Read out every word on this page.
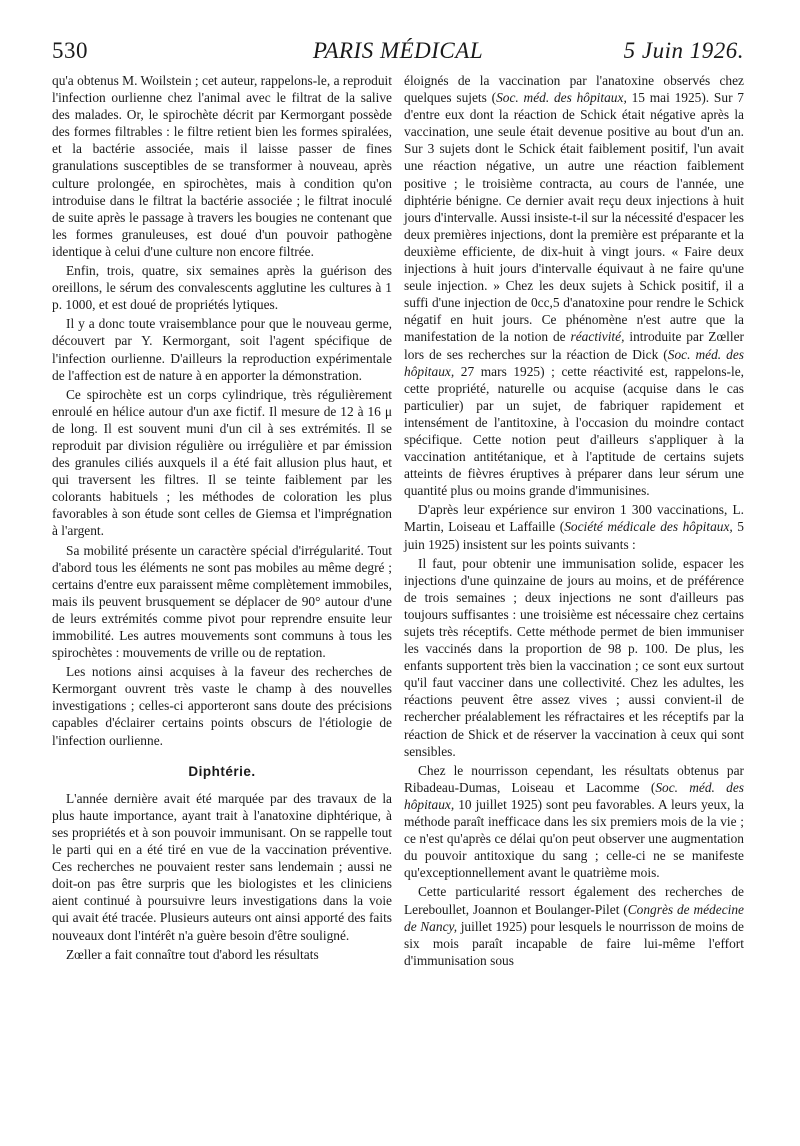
530	PARIS MÉDICAL	5 Juin 1926.

qu'a obtenus M. Woilstein ; cet auteur, rappelons-le, a reproduit l'infection ourlienne chez l'animal avec le filtrat de la salive des malades. Or, le spirochète décrit par Kermorgant possède des formes filtrables : le filtre retient bien les formes spiralées, et la bactérie associée, mais il laisse passer de fines granulations susceptibles de se transformer à nouveau, après culture prolongée, en spirochètes, mais à condition qu'on introduise dans le filtrat la bactérie associée ; le filtrat inoculé de suite après le passage à travers les bougies ne contenant que les formes granuleuses, est doué d'un pouvoir pathogène identique à celui d'une culture non encore filtrée.

Enfin, trois, quatre, six semaines après la guérison des oreillons, le sérum des convalescents agglutine les cultures à 1 p. 1000, et est doué de propriétés lytiques.

Il y a donc toute vraisemblance pour que le nouveau germe, découvert par Y. Kermorgant, soit l'agent spécifique de l'infection ourlienne. D'ailleurs la reproduction expérimentale de l'affection est de nature à en apporter la démonstration.

Ce spirochète est un corps cylindrique, très régulièrement enroulé en hélice autour d'un axe fictif. Il mesure de 12 à 16 μ de long. Il est souvent muni d'un cil à ses extrémités. Il se reproduit par division régulière ou irrégulière et par émission des granules ciliés auxquels il a été fait allusion plus haut, et qui traversent les filtres. Il se teinte faiblement par les colorants habituels ; les méthodes de coloration les plus favorables à son étude sont celles de Giemsa et l'imprégnation à l'argent.

Sa mobilité présente un caractère spécial d'irrégularité. Tout d'abord tous les éléments ne sont pas mobiles au même degré ; certains d'entre eux paraissent même complètement immobiles, mais ils peuvent brusquement se déplacer de 90° autour d'une de leurs extrémités comme pivot pour reprendre ensuite leur immobilité. Les autres mouvements sont communs à tous les spirochètes : mouvements de vrille ou de reptation.

Les notions ainsi acquises à la faveur des recherches de Kermorgant ouvrent très vaste le champ à des nouvelles investigations ; celles-ci apporteront sans doute des précisions capables d'éclairer certains points obscurs de l'étiologie de l'infection ourlienne.

Diphtérie.

L'année dernière avait été marquée par des travaux de la plus haute importance, ayant trait à l'anatoxine diphtérique, à ses propriétés et à son pouvoir immunisant. On se rappelle tout le parti qui en a été tiré en vue de la vaccination préventive. Ces recherches ne pouvaient rester sans lendemain ; aussi ne doit-on pas être surpris que les biologistes et les cliniciens aient continué à poursuivre leurs investigations dans la voie qui avait été tracée. Plusieurs auteurs ont ainsi apporté des faits nouveaux dont l'intérêt n'a guère besoin d'être souligné.

Zœller a fait connaître tout d'abord les résultats

éloignés de la vaccination par l'anatoxine observés chez quelques sujets (Soc. méd. des hôpitaux, 15 mai 1925). Sur 7 d'entre eux dont la réaction de Schick était négative après la vaccination, une seule était devenue positive au bout d'un an. Sur 3 sujets dont le Schick était faiblement positif, l'un avait une réaction négative, un autre une réaction faiblement positive ; le troisième contracta, au cours de l'année, une diphtérie bénigne. Ce dernier avait reçu deux injections à huit jours d'intervalle. Aussi insiste-t-il sur la nécessité d'espacer les deux premières injections, dont la première est préparante et la deuxième efficiente, de dix-huit à vingt jours. « Faire deux injections à huit jours d'intervalle équivaut à ne faire qu'une seule injection. » Chez les deux sujets à Schick positif, il a suffi d'une injection de 0cc,5 d'anatoxine pour rendre le Schick négatif en huit jours. Ce phénomène n'est autre que la manifestation de la notion de réactivité, introduite par Zœller lors de ses recherches sur la réaction de Dick (Soc. méd. des hôpitaux, 27 mars 1925) ; cette réactivité est, rappelons-le, cette propriété, naturelle ou acquise (acquise dans le cas particulier) par un sujet, de fabriquer rapidement et intensément de l'antitoxine, à l'occasion du moindre contact spécifique. Cette notion peut d'ailleurs s'appliquer à la vaccination antitétanique, et à l'aptitude de certains sujets atteints de fièvres éruptives à préparer dans leur sérum une quantité plus ou moins grande d'immunisines.

D'après leur expérience sur environ 1 300 vaccinations, L. Martin, Loiseau et Laffaille (Société médicale des hôpitaux, 5 juin 1925) insistent sur les points suivants :

Il faut, pour obtenir une immunisation solide, espacer les injections d'une quinzaine de jours au moins, et de préférence de trois semaines ; deux injections ne sont d'ailleurs pas toujours suffisantes : une troisième est nécessaire chez certains sujets très réceptifs. Cette méthode permet de bien immuniser les vaccinés dans la proportion de 98 p. 100. De plus, les enfants supportent très bien la vaccination ; ce sont eux surtout qu'il faut vacciner dans une collectivité. Chez les adultes, les réactions peuvent être assez vives ; aussi convient-il de rechercher préalablement les réfractaires et les réceptifs par la réaction de Shick et de réserver la vaccination à ceux qui sont sensibles.

Chez le nourrisson cependant, les résultats obtenus par Ribadeau-Dumas, Loiseau et Lacomme (Soc. méd. des hôpitaux, 10 juillet 1925) sont peu favorables. A leurs yeux, la méthode paraît inefficace dans les six premiers mois de la vie ; ce n'est qu'après ce délai qu'on peut observer une augmentation du pouvoir antitoxique du sang ; celle-ci ne se manifeste qu'exceptionnellement avant le quatrième mois.

Cette particularité ressort également des recherches de Lereboullet, Joannon et Boulanger-Pilet (Congrès de médecine de Nancy, juillet 1925) pour lesquels le nourrisson de moins de six mois paraît incapable de faire lui-même l'effort d'immunisation sous
